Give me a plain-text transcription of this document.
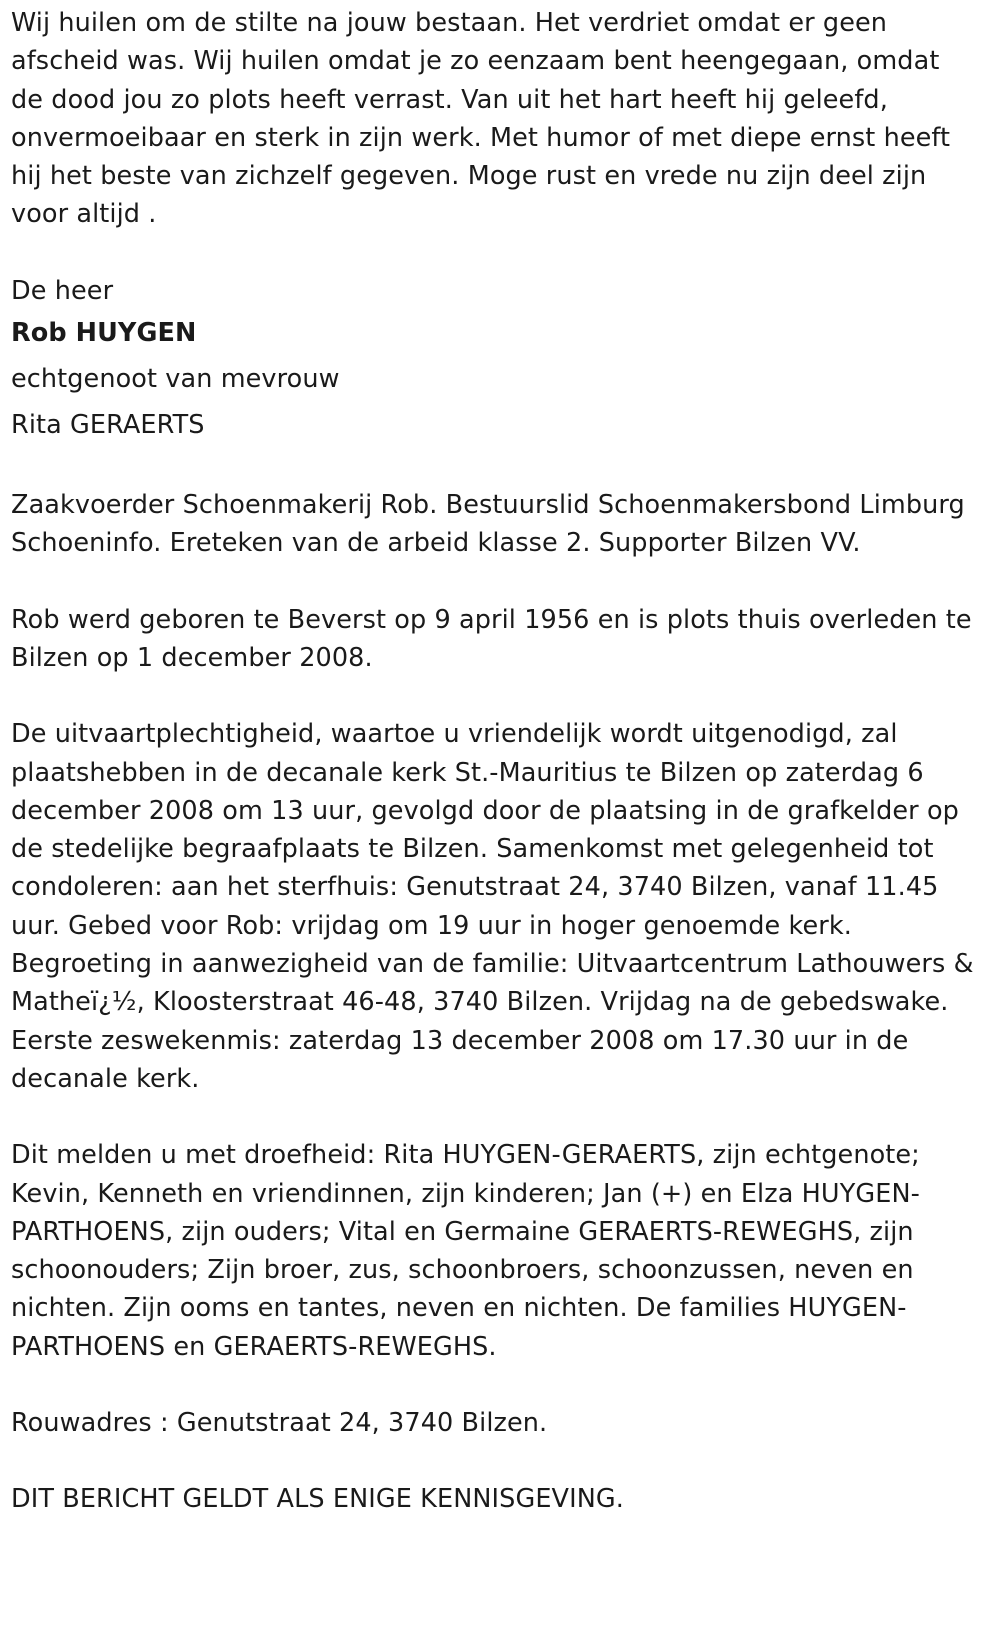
Wij huilen om de stilte na jouw bestaan. Het verdriet omdat er geen afscheid was. Wij huilen omdat je zo eenzaam bent heengegaan, omdat de dood jou zo plots heeft verrast. Van uit het hart heeft hij geleefd, onvermoeibaar en sterk in zijn werk. Met humor of met diepe ernst heeft hij het beste van zichzelf gegeven. Moge rust en vrede nu zijn deel zijn voor altijd .

De heer

Rob HUYGEN

echtgenoot van mevrouw

Rita GERAERTS

Zaakvoerder Schoenmakerij Rob. Bestuurslid Schoenmakersbond Limburg Schoeninfo. Ereteken van de arbeid klasse 2. Supporter Bilzen VV.

Rob werd geboren te Beverst op 9 april 1956 en is plots thuis overleden te Bilzen op 1 december 2008.

De uitvaartplechtigheid, waartoe u vriendelijk wordt uitgenodigd, zal plaatshebben in de decanale kerk St.-Mauritius te Bilzen op zaterdag 6 december 2008 om 13 uur, gevolgd door de plaatsing in de grafkelder op de stedelijke begraafplaats te Bilzen. Samenkomst met gelegenheid tot condoleren: aan het sterfhuis: Genutstraat 24, 3740 Bilzen, vanaf 11.45 uur. Gebed voor Rob: vrijdag om 19 uur in hoger genoemde kerk. Begroeting in aanwezigheid van de familie: Uitvaartcentrum Lathouwers & Matheï¿½, Kloosterstraat 46-48, 3740 Bilzen. Vrijdag na de gebedswake. Eerste zeswekenmis: zaterdag 13 december 2008 om 17.30 uur in de decanale kerk.

Dit melden u met droefheid: Rita HUYGEN-GERAERTS, zijn echtgenote; Kevin, Kenneth en vriendinnen, zijn kinderen; Jan (+) en Elza HUYGEN-PARTHOENS, zijn ouders; Vital en Germaine GERAERTS-REWEGHS, zijn schoonouders; Zijn broer, zus, schoonbroers, schoonzussen, neven en nichten. Zijn ooms en tantes, neven en nichten. De families HUYGEN-PARTHOENS en GERAERTS-REWEGHS.

Rouwadres : Genutstraat 24, 3740 Bilzen.

DIT BERICHT GELDT ALS ENIGE KENNISGEVING.
